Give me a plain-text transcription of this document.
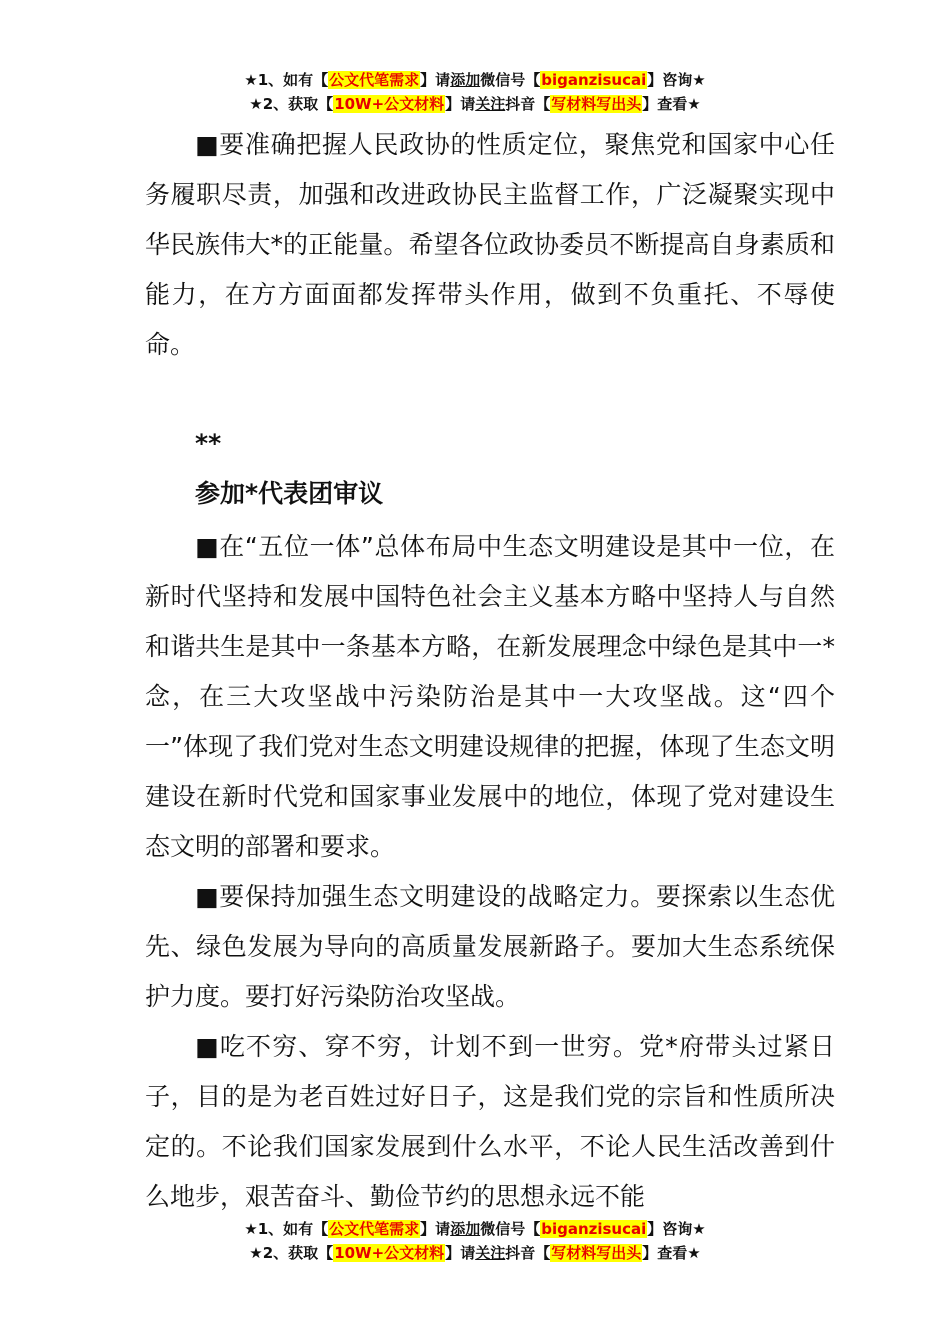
★1、如有【公文代笔需求】请添加微信号【biganzisucai】咨询★
★2、获取【10W+公文材料】请关注抖音【写材料写出头】查看★

■要准确把握人民政协的性质定位，聚焦党和国家中心任务履职尽责，加强和改进政协民主监督工作，广泛凝聚实现中华民族伟大*的正能量。希望各位政协委员不断提高自身素质和能力，在方方面面都发挥带头作用，做到不负重托、不辱使命。

**

参加*代表团审议

■在“五位一体”总体布局中生态文明建设是其中一位，在新时代坚持和发展中国特色社会主义基本方略中坚持人与自然和谐共生是其中一条基本方略，在新发展理念中绿色是其中一*念，在三大攻坚战中污染防治是其中一大攻坚战。这“四个一”体现了我们党对生态文明建设规律的把握，体现了生态文明建设在新时代党和国家事业发展中的地位，体现了党对建设生态文明的部署和要求。

■要保持加强生态文明建设的战略定力。要探索以生态优先、绿色发展为导向的高质量发展新路子。要加大生态系统保护力度。要打好污染防治攻坚战。

■吃不穷、穿不穷，计划不到一世穷。党*府带头过紧日子，目的是为老百姓过好日子，这是我们党的宗旨和性质所决定的。不论我们国家发展到什么水平，不论人民生活改善到什么地步，艰苦奋斗、勤俭节约的思想永远不能

★1、如有【公文代笔需求】请添加微信号【biganzisucai】咨询★
★2、获取【10W+公文材料】请关注抖音【写材料写出头】查看★
